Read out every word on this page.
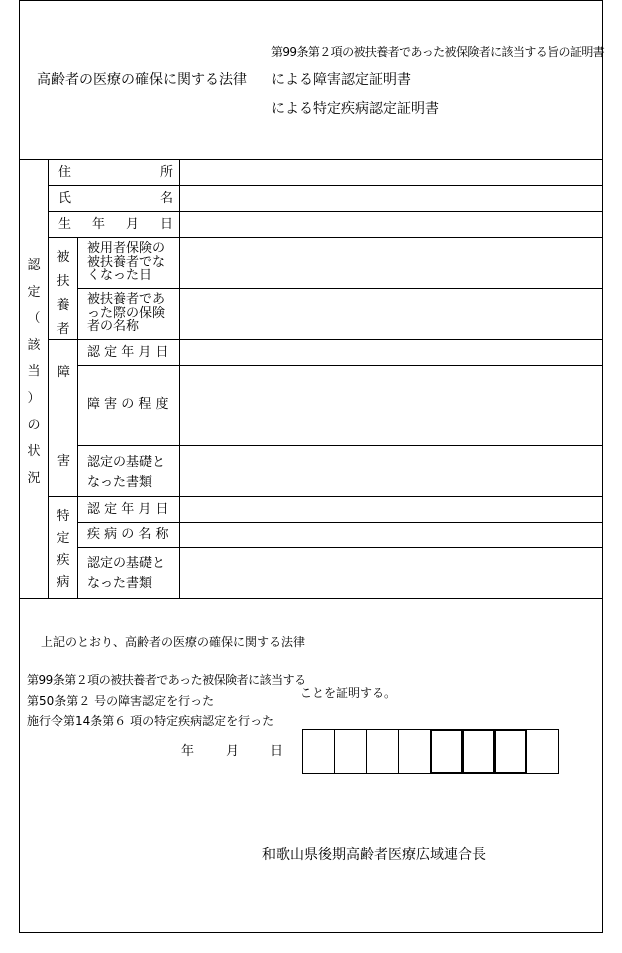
高齢者の医療の確保に関する法律
第99条第２項の被扶養者であった被保険者に該当する旨の証明書
による障害認定証明書
による特定疾病認定証明書
認
定
（
該
当
）
の
状
況
住	所
氏	名
生 年 月 日
被
扶
養
者
被用者保険の
被扶養者でな
くなった日
被扶養者であ
った際の保険
者の名称
障
害
認 定 年 月 日
障 害 の 程 度
認定の基礎と
なった書類
特
定
疾
病
認 定 年 月 日
疾 病 の 名 称
認定の基礎と
なった書類
上記のとおり、高齢者の医療の確保に関する法律
第99条第２項の被扶養者であった被保険者に該当する
第50条第２ 号の障害認定を行った
施行令第14条第６ 項の特定疾病認定を行った
ことを証明する。
年 月 日
和歌山県後期高齢者医療広域連合長
